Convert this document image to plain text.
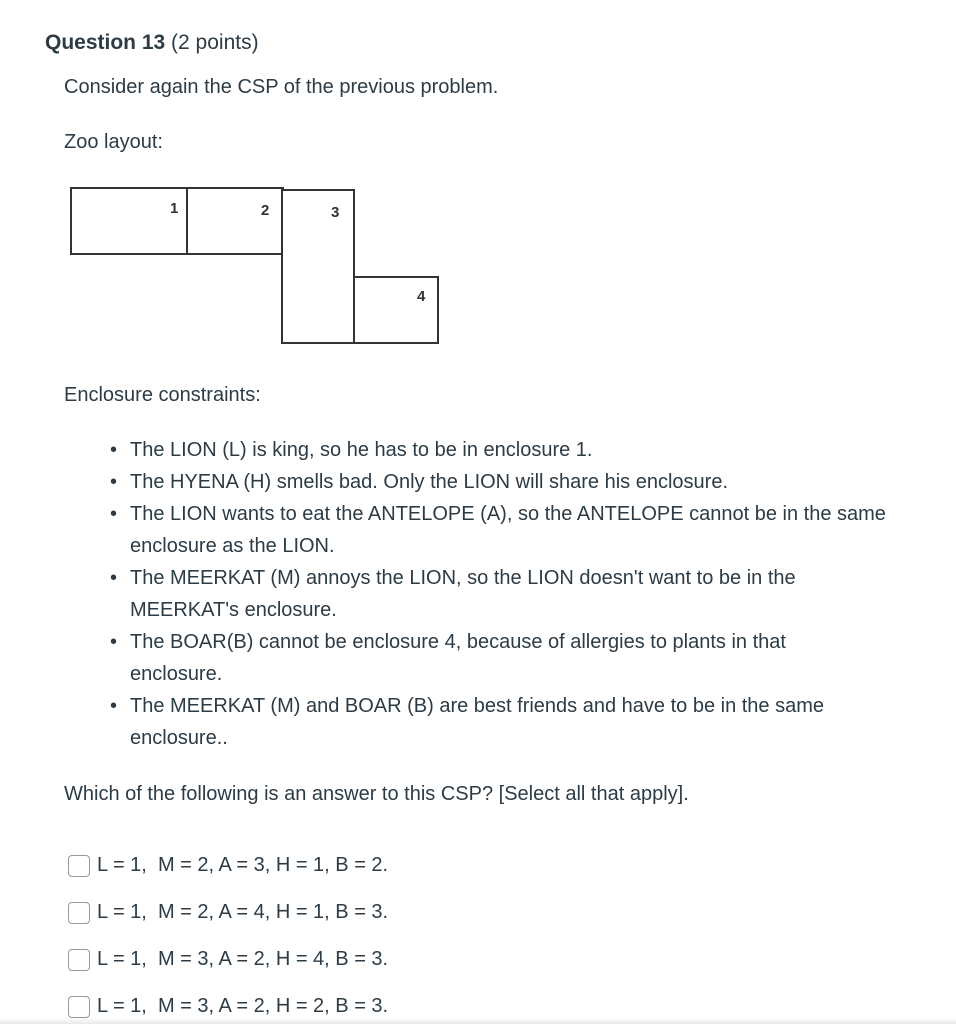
Question 13 (2 points)
Consider again the CSP of the previous problem.
Zoo layout:
1	2	3
4
Enclosure constraints:
• The LION (L) is king, so he has to be in enclosure 1.
• The HYENA (H) smells bad. Only the LION will share his enclosure.
• The LION wants to eat the ANTELOPE (A), so the ANTELOPE cannot be in the same enclosure as the LION.
• The MEERKAT (M) annoys the LION, so the LION doesn't want to be in the MEERKAT's enclosure.
• The BOAR(B) cannot be enclosure 4, because of allergies to plants in that enclosure.
• The MEERKAT (M) and BOAR (B) are best friends and have to be in the same enclosure..
Which of the following is an answer to this CSP? [Select all that apply].
L = 1,  M = 2, A = 3, H = 1, B = 2.
L = 1,  M = 2, A = 4, H = 1, B = 3.
L = 1,  M = 3, A = 2, H = 4, B = 3.
L = 1,  M = 3, A = 2, H = 2, B = 3.
